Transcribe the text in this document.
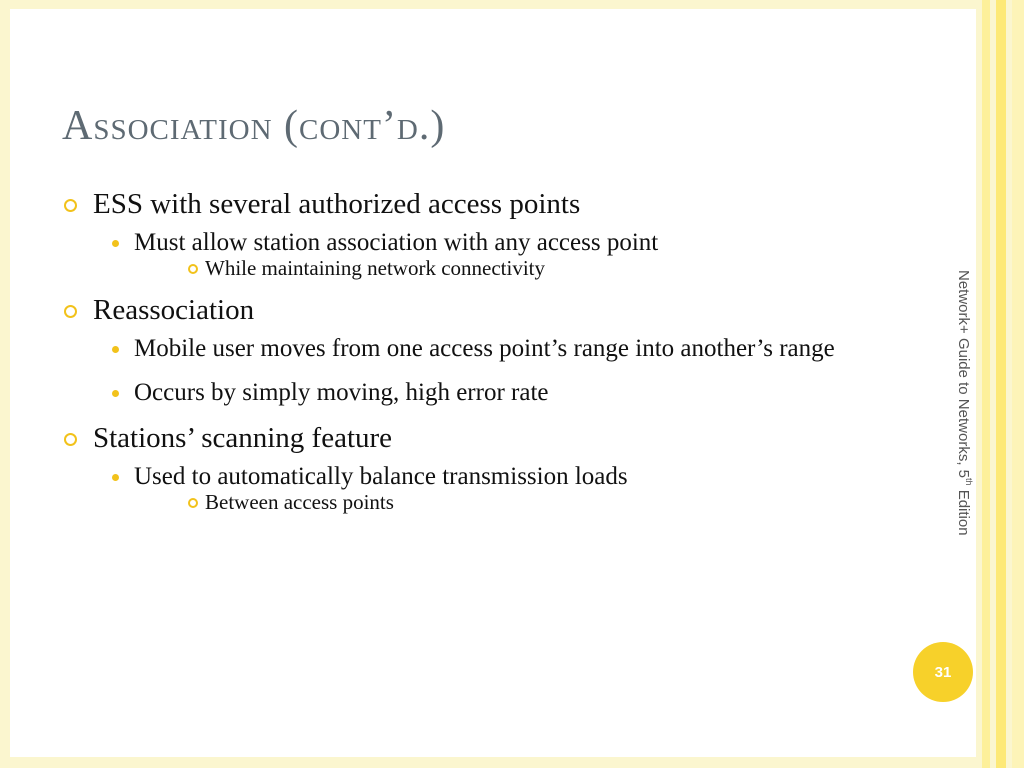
Association (cont’d.)
ESS with several authorized access points
Must allow station association with any access point
While maintaining network connectivity
Reassociation
Mobile user moves from one access point’s range into another’s range
Occurs by simply moving, high error rate
Stations’ scanning feature
Used to automatically balance transmission loads
Between access points
Network+ Guide to Networks, 5th Edition
31
